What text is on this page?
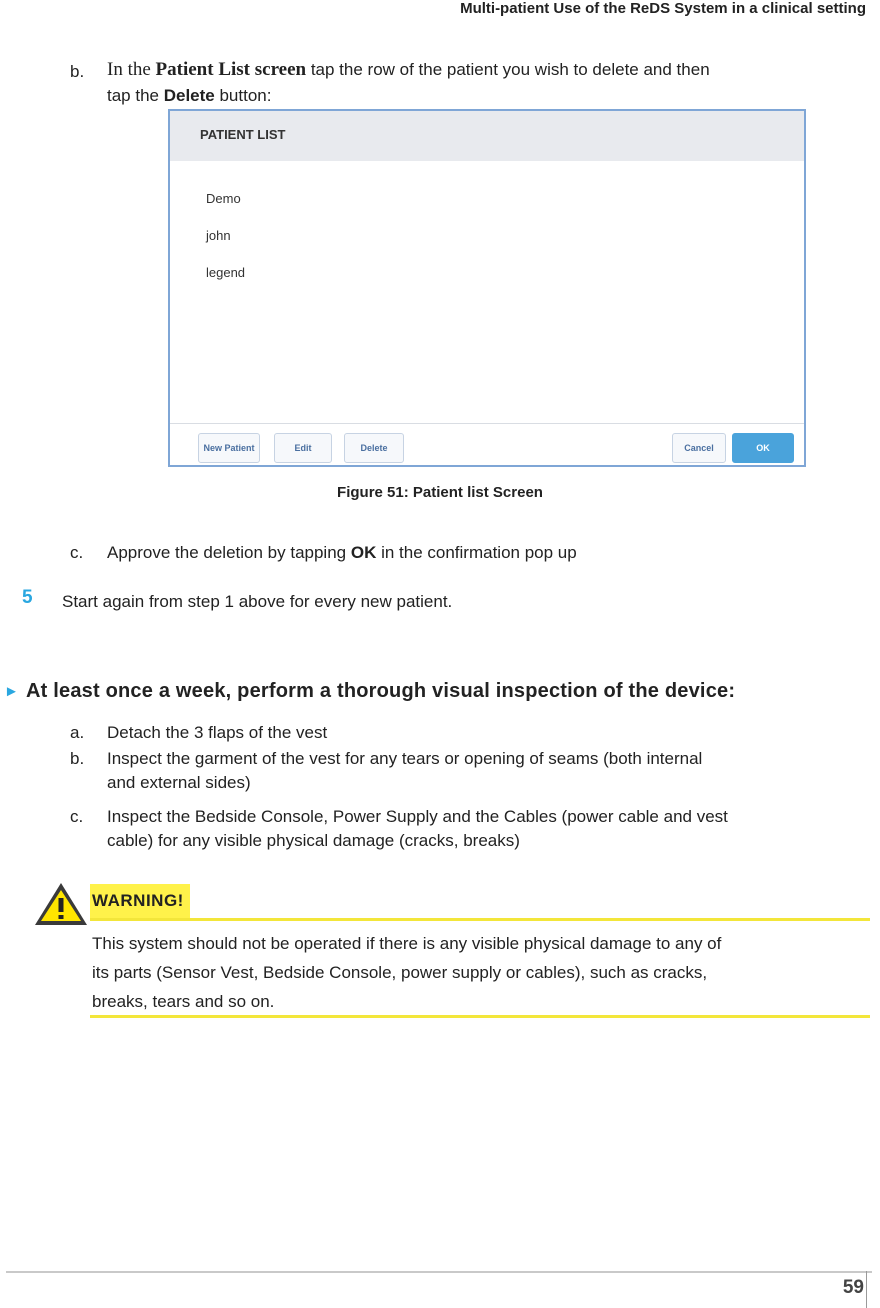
Multi-patient Use of the ReDS System in a clinical setting
b. In the Patient List screen tap the row of the patient you wish to delete and then
tap the Delete button:
PATIENT LIST
Demo
john
legend
New Patient	Edit	Delete	Cancel	OK
Figure 51: Patient list Screen
c. Approve the deletion by tapping OK in the confirmation pop up
5 Start again from step 1 above for every new patient.
► At least once a week, perform a thorough visual inspection of the device:
a. Detach the 3 flaps of the vest
b. Inspect the garment of the vest for any tears or opening of seams (both internal
and external sides)
c. Inspect the Bedside Console, Power Supply and the Cables (power cable and vest
cable) for any visible physical damage (cracks, breaks)
WARNING!
This system should not be operated if there is any visible physical damage to any of
its parts (Sensor Vest, Bedside Console, power supply or cables), such as cracks,
breaks, tears and so on.
59
